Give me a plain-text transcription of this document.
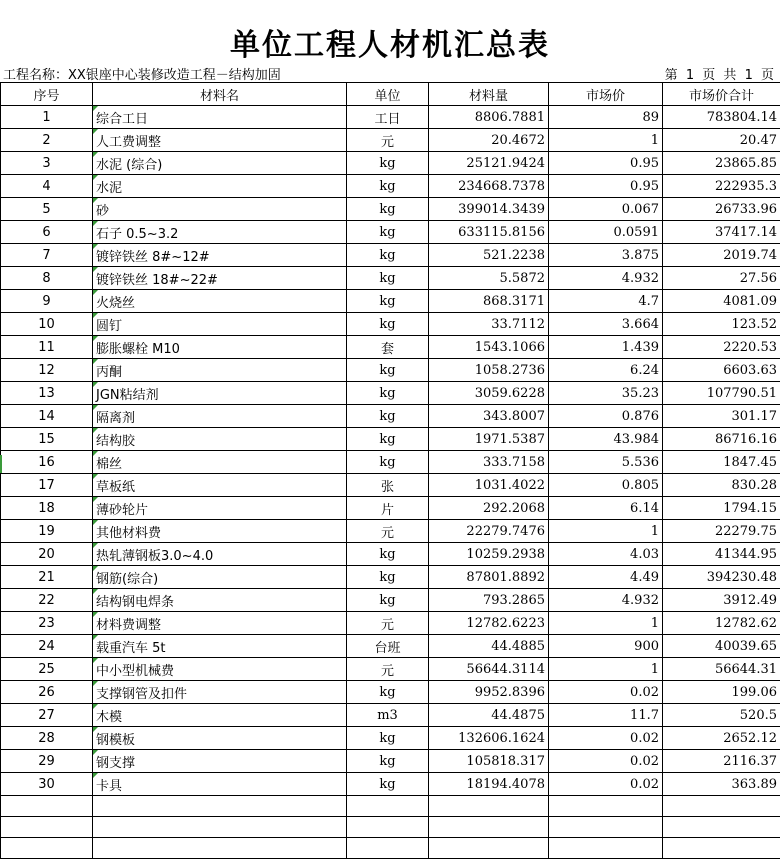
单位工程人材机汇总表
工程名称：XX银座中心装修改造工程－结构加固	第 1 页 共 1 页
序号	材料名	单位	材料量	市场价	市场价合计
1	综合工日	工日	8806.7881	89	783804.14
2	人工费调整	元	20.4672	1	20.47
3	水泥 (综合)	kg	25121.9424	0.95	23865.85
4	水泥	kg	234668.7378	0.95	222935.3
5	砂	kg	399014.3439	0.067	26733.96
6	石子 0.5~3.2	kg	633115.8156	0.0591	37417.14
7	镀锌铁丝 8#~12#	kg	521.2238	3.875	2019.74
8	镀锌铁丝 18#~22#	kg	5.5872	4.932	27.56
9	火烧丝	kg	868.3171	4.7	4081.09
10	圆钉	kg	33.7112	3.664	123.52
11	膨胀螺栓 M10	套	1543.1066	1.439	2220.53
12	丙酮	kg	1058.2736	6.24	6603.63
13	JGN粘结剂	kg	3059.6228	35.23	107790.51
14	隔离剂	kg	343.8007	0.876	301.17
15	结构胶	kg	1971.5387	43.984	86716.16
16	棉丝	kg	333.7158	5.536	1847.45
17	草板纸	张	1031.4022	0.805	830.28
18	薄砂轮片	片	292.2068	6.14	1794.15
19	其他材料费	元	22279.7476	1	22279.75
20	热轧薄钢板3.0~4.0	kg	10259.2938	4.03	41344.95
21	钢筋(综合)	kg	87801.8892	4.49	394230.48
22	结构钢电焊条	kg	793.2865	4.932	3912.49
23	材料费调整	元	12782.6223	1	12782.62
24	载重汽车 5t	台班	44.4885	900	40039.65
25	中小型机械费	元	56644.3114	1	56644.31
26	支撑钢管及扣件	kg	9952.8396	0.02	199.06
27	木模	m3	44.4875	11.7	520.5
28	钢模板	kg	132606.1624	0.02	2652.12
29	钢支撑	kg	105818.317	0.02	2116.37
30	卡具	kg	18194.4078	0.02	363.89
